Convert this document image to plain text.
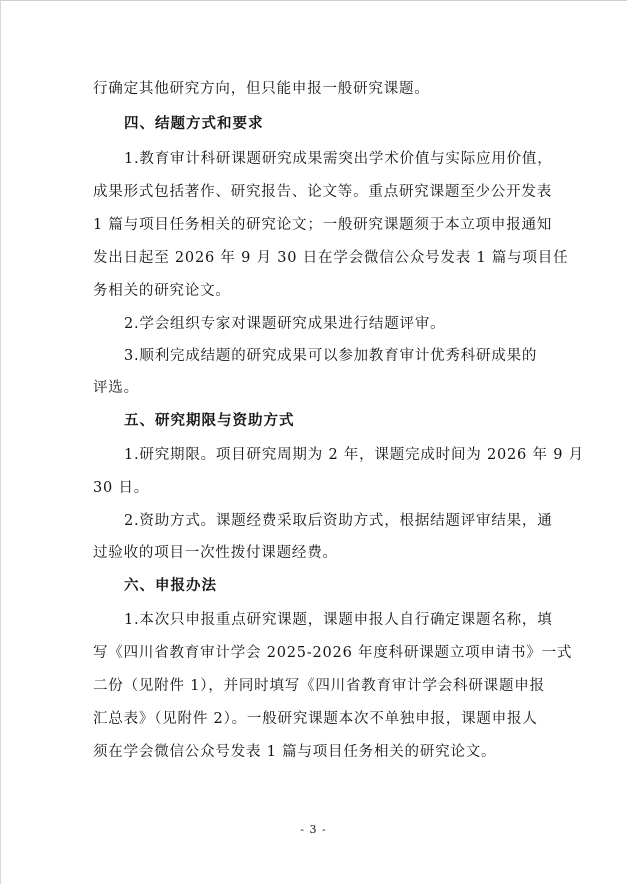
行确定其他研究方向，但只能申报一般研究课题。
四、结题方式和要求
1.教育审计科研课题研究成果需突出学术价值与实际应用价值，
成果形式包括著作、研究报告、论文等。重点研究课题至少公开发表
1 篇与项目任务相关的研究论文；一般研究课题须于本立项申报通知
发出日起至 2026 年 9 月 30 日在学会微信公众号发表 1 篇与项目任
务相关的研究论文。
2.学会组织专家对课题研究成果进行结题评审。
3.顺利完成结题的研究成果可以参加教育审计优秀科研成果的
评选。
五、研究期限与资助方式
1.研究期限。项目研究周期为 2 年，课题完成时间为 2026 年 9 月
30 日。
2.资助方式。课题经费采取后资助方式，根据结题评审结果，通
过验收的项目一次性拨付课题经费。
六、申报办法
1.本次只申报重点研究课题，课题申报人自行确定课题名称，填
写《四川省教育审计学会 2025-2026 年度科研课题立项申请书》一式
二份（见附件 1），并同时填写《四川省教育审计学会科研课题申报
汇总表》（见附件 2）。一般研究课题本次不单独申报，课题申报人
须在学会微信公众号发表 1 篇与项目任务相关的研究论文。
- 3 -
